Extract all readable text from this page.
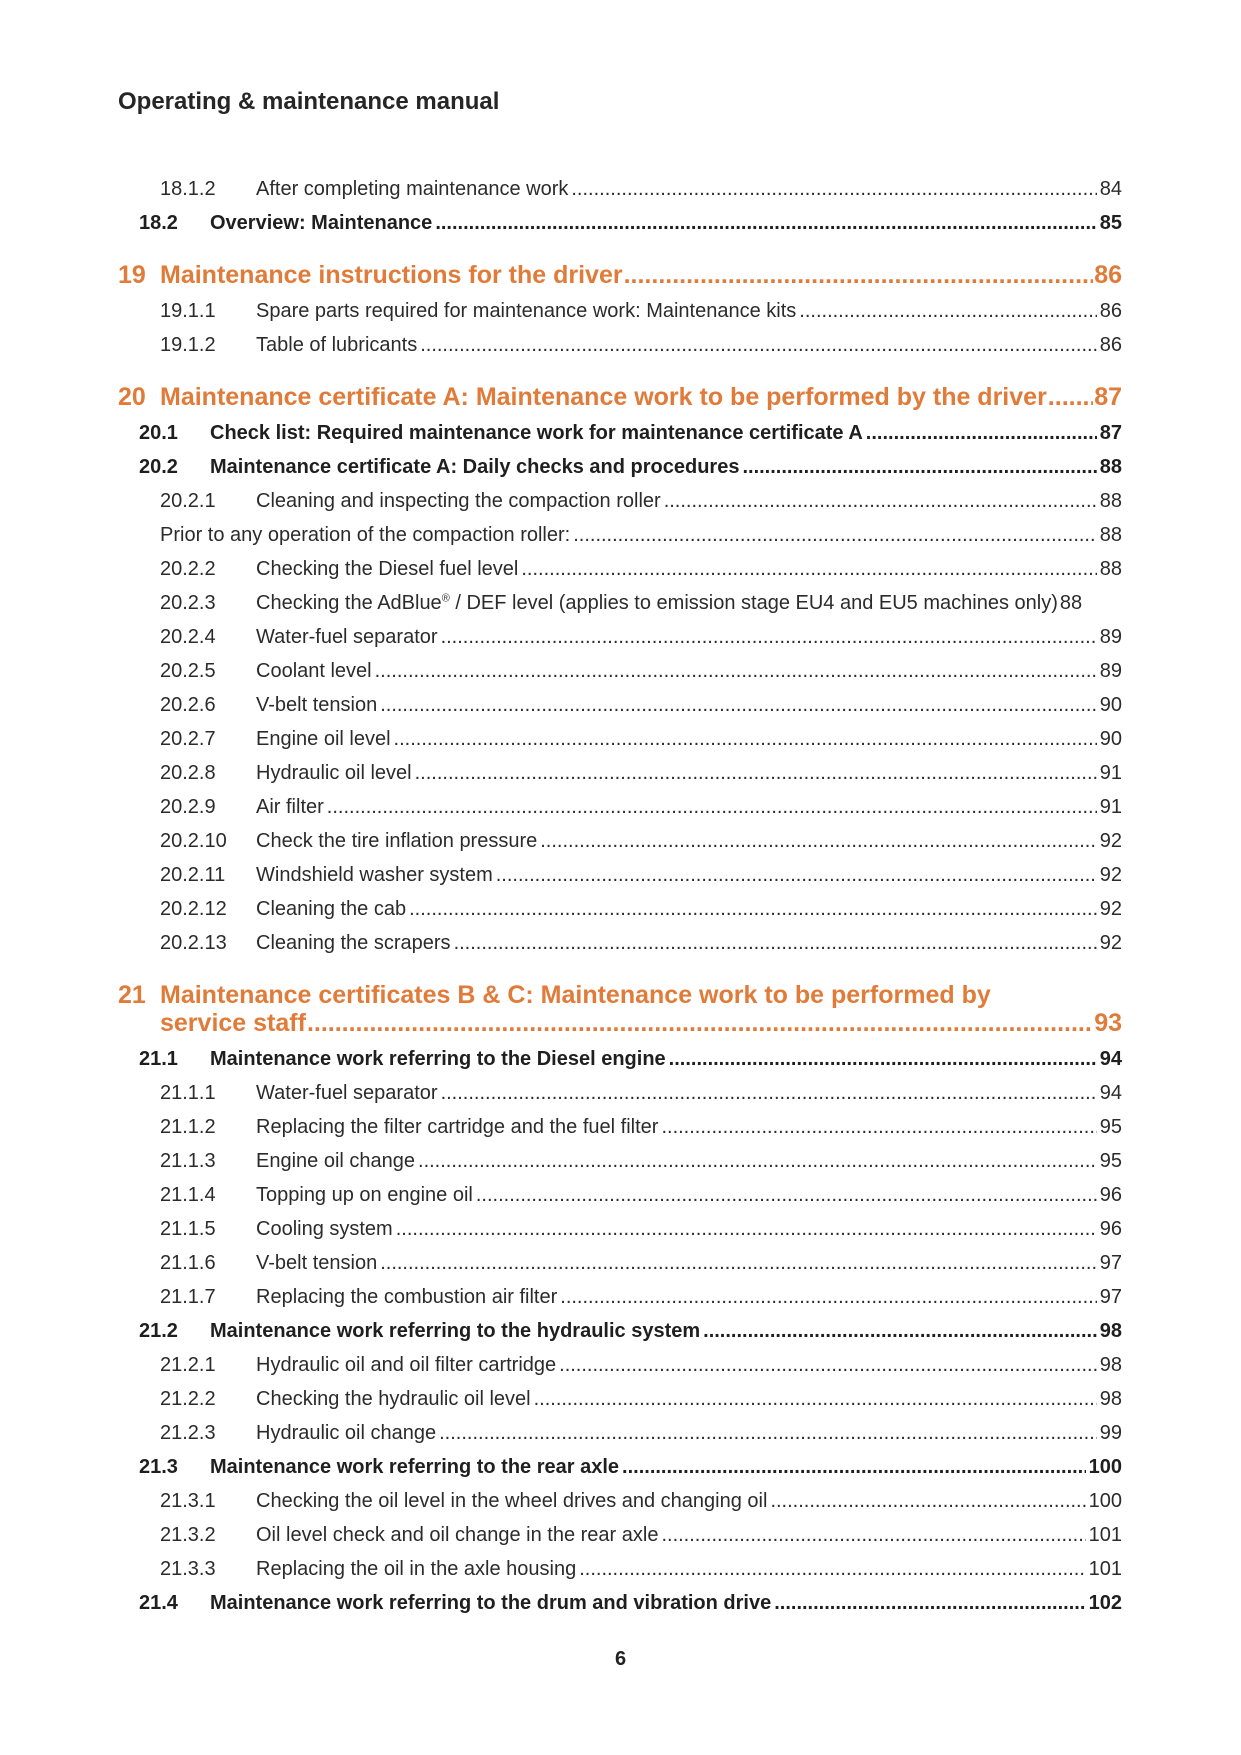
Operating & maintenance manual
18.1.2	After completing maintenance work .....	84
18.2	Overview: Maintenance .....	85
19 Maintenance instructions for the driver .....	86
19.1.1	Spare parts required for maintenance work: Maintenance kits .....	86
19.1.2	Table of lubricants .....	86
20 Maintenance certificate A: Maintenance work to be performed by the driver ..... 87
20.1	Check list: Required maintenance work for maintenance certificate A .....	87
20.2	Maintenance certificate A: Daily checks and procedures .....	88
20.2.1	Cleaning and inspecting the compaction roller .....	88
Prior to any operation of the compaction roller: .....	88
20.2.2	Checking the Diesel fuel level .....	88
20.2.3	Checking the AdBlue® / DEF level (applies to emission stage EU4 and EU5 machines only) 88
20.2.4	Water-fuel separator .....	89
20.2.5	Coolant level .....	89
20.2.6	V-belt tension .....	90
20.2.7	Engine oil level .....	90
20.2.8	Hydraulic oil level .....	91
20.2.9	Air filter .....	91
20.2.10	Check the tire inflation pressure .....	92
20.2.11	Windshield washer system .....	92
20.2.12	Cleaning the cab .....	92
20.2.13	Cleaning the scrapers .....	92
21 Maintenance certificates B & C: Maintenance work to be performed by
service staff .....	93
21.1	Maintenance work referring to the Diesel engine .....	94
21.1.1	Water-fuel separator .....	94
21.1.2	Replacing the filter cartridge and the fuel filter .....	95
21.1.3	Engine oil change .....	95
21.1.4	Topping up on engine oil .....	96
21.1.5	Cooling system .....	96
21.1.6	V-belt tension .....	97
21.1.7	Replacing the combustion air filter .....	97
21.2	Maintenance work referring to the hydraulic system .....	98
21.2.1	Hydraulic oil and oil filter cartridge .....	98
21.2.2	Checking the hydraulic oil level .....	98
21.2.3	Hydraulic oil change .....	99
21.3	Maintenance work referring to the rear axle .....	100
21.3.1	Checking the oil level in the wheel drives and changing oil .....	100
21.3.2	Oil level check and oil change in the rear axle .....	101
21.3.3	Replacing the oil in the axle housing .....	101
21.4	Maintenance work referring to the drum and vibration drive .....	102
6
